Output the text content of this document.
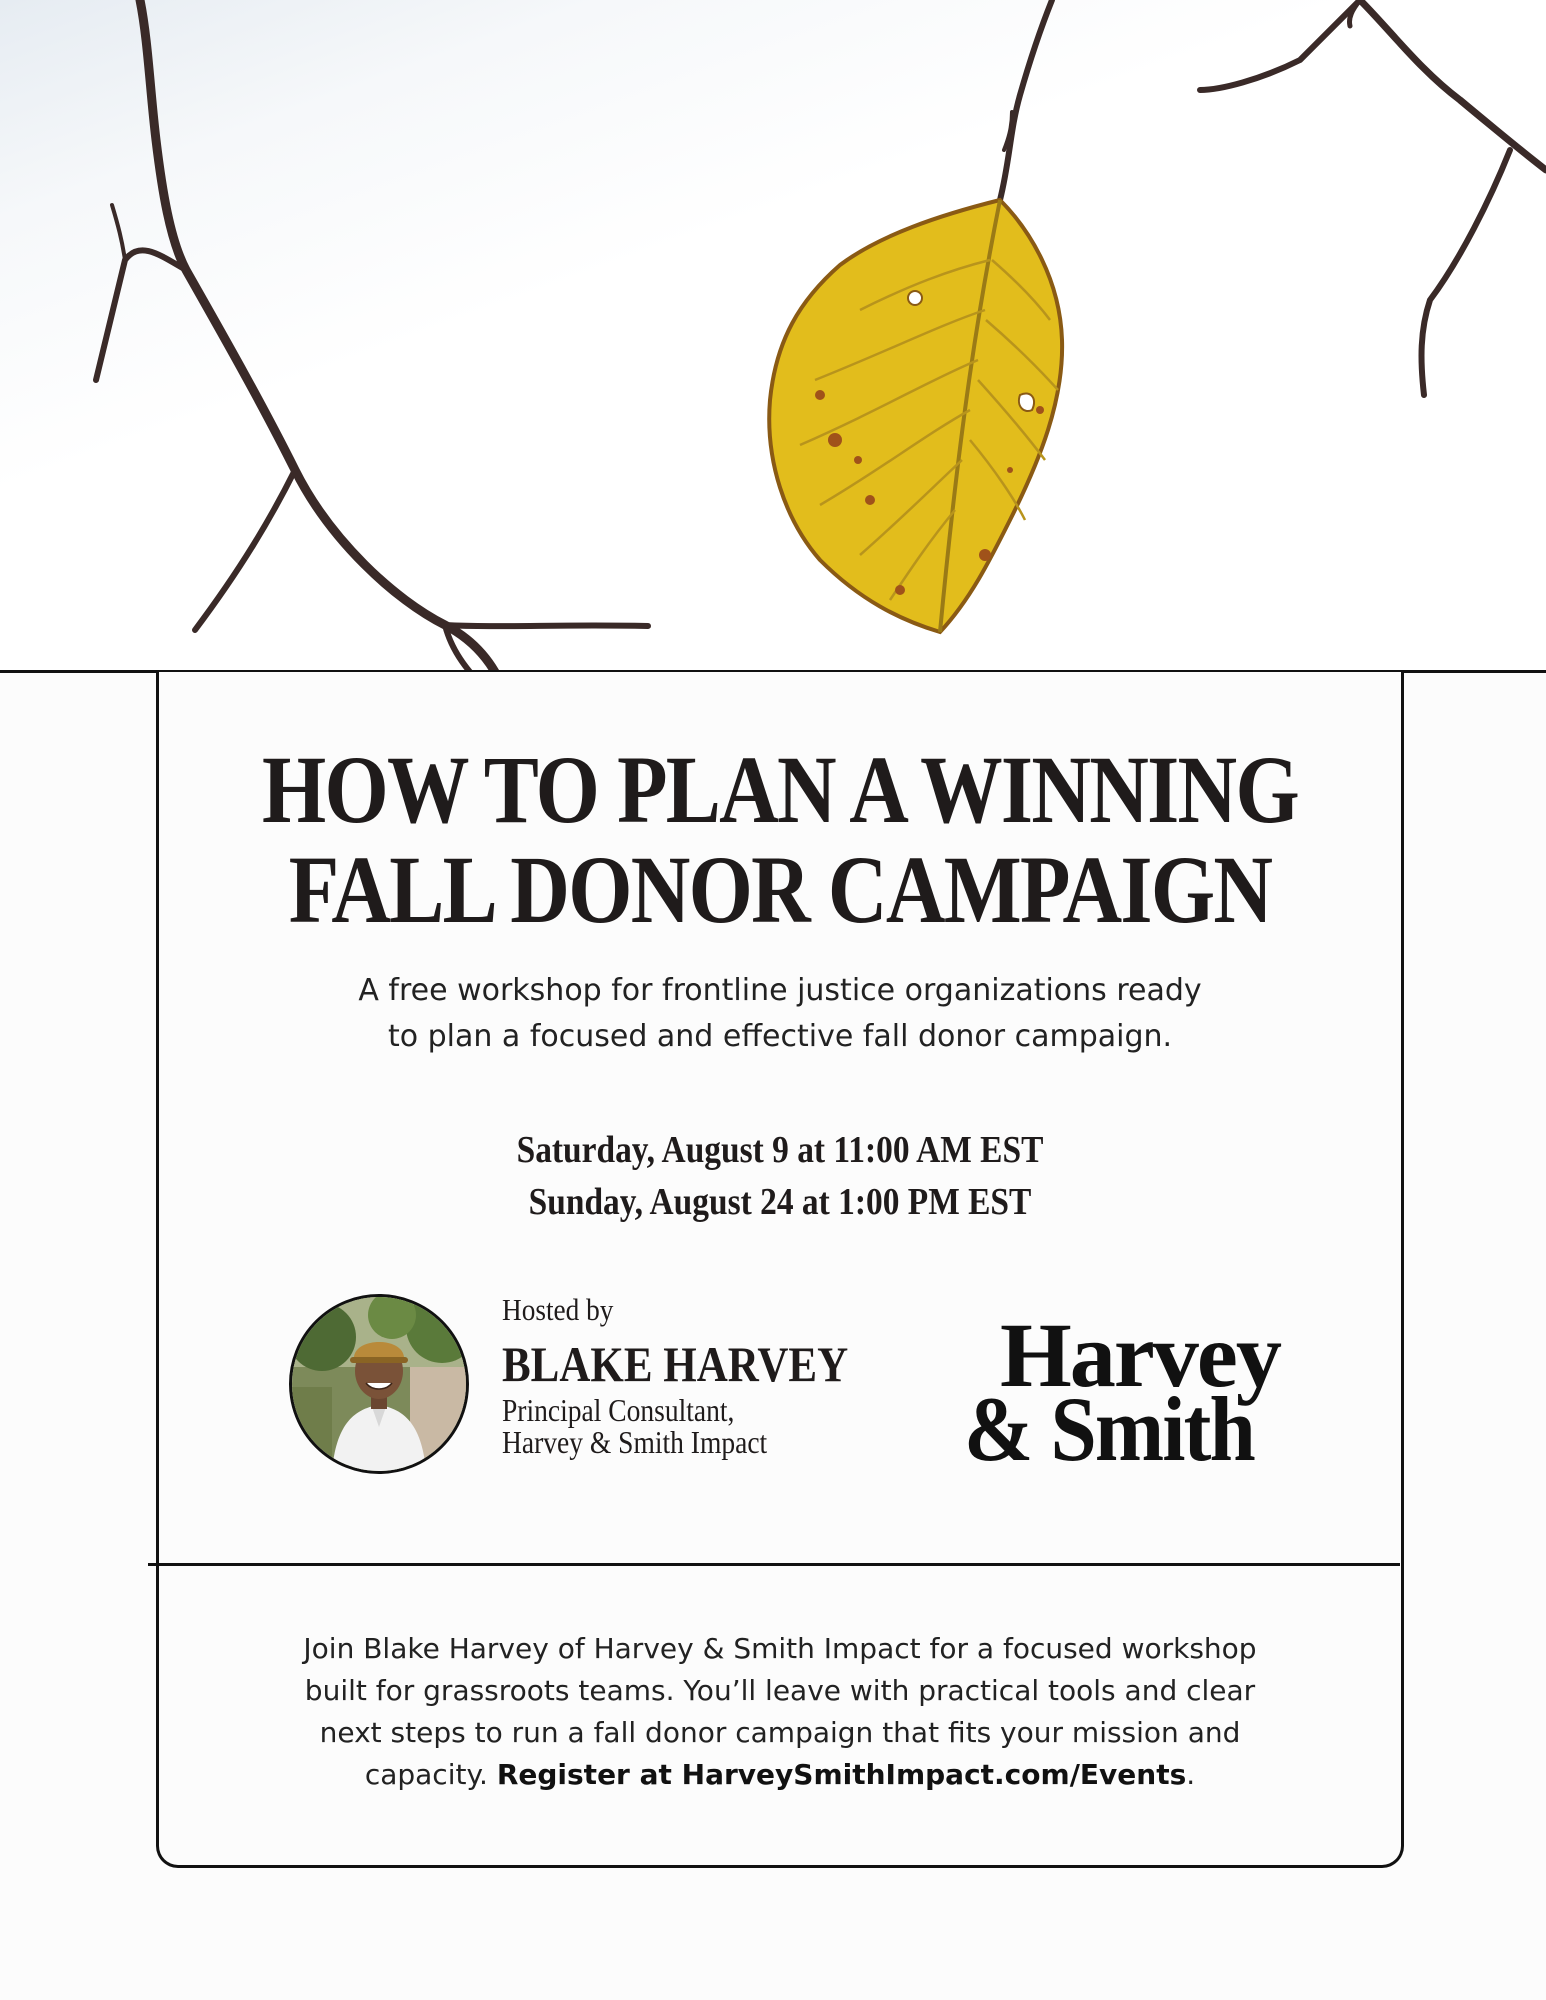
HOW TO PLAN A WINNING
FALL DONOR CAMPAIGN

A free workshop for frontline justice organizations ready
to plan a focused and effective fall donor campaign.

Saturday, August 9 at 11:00 AM EST
Sunday, August 24 at 1:00 PM EST
Hosted by
BLAKE HARVEY
Principal Consultant,
Harvey & Smith Impact
Harvey
& Smith

Join Blake Harvey of Harvey & Smith Impact for a focused workshop
built for grassroots teams. You’ll leave with practical tools and clear
next steps to run a fall donor campaign that fits your mission and
capacity. Register at HarveySmithImpact.com/Events.
